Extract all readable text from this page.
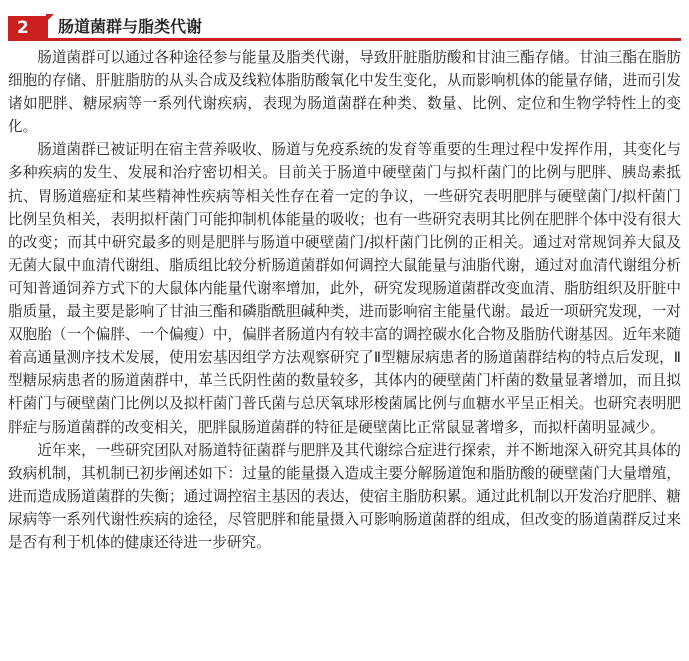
2	肠道菌群与脂类代谢

肠道菌群可以通过各种途径参与能量及脂类代谢，导致肝脏脂肪酸和甘油三酯存储。甘油三酯在脂肪细胞的存储、肝脏脂肪的从头合成及线粒体脂肪酸氧化中发生变化，从而影响机体的能量存储，进而引发诸如肥胖、糖尿病等一系列代谢疾病，表现为肠道菌群在种类、数量、比例、定位和生物学特性上的变化。

肠道菌群已被证明在宿主营养吸收、肠道与免疫系统的发育等重要的生理过程中发挥作用，其变化与多种疾病的发生、发展和治疗密切相关。目前关于肠道中硬壁菌门与拟杆菌门的比例与肥胖、胰岛素抵抗、胃肠道癌症和某些精神性疾病等相关性存在着一定的争议，一些研究表明肥胖与硬壁菌门/拟杆菌门比例呈负相关，表明拟杆菌门可能抑制机体能量的吸收；也有一些研究表明其比例在肥胖个体中没有很大的改变；而其中研究最多的则是肥胖与肠道中硬壁菌门/拟杆菌门比例的正相关。通过对常规饲养大鼠及无菌大鼠中血清代谢组、脂质组比较分析肠道菌群如何调控大鼠能量与油脂代谢，通过对血清代谢组分析可知普通饲养方式下的大鼠体内能量代谢率增加，此外，研究发现肠道菌群改变血清、脂肪组织及肝脏中脂质量，最主要是影响了甘油三酯和磷脂酰胆碱种类，进而影响宿主能量代谢。最近一项研究发现，一对双胞胎（一个偏胖、一个偏瘦）中，偏胖者肠道内有较丰富的调控碳水化合物及脂肪代谢基因。近年来随着高通量测序技术发展，使用宏基因组学方法观察研究了Ⅱ型糖尿病患者的肠道菌群结构的特点后发现，Ⅱ型糖尿病患者的肠道菌群中，革兰氏阴性菌的数量较多，其体内的硬壁菌门杆菌的数量显著增加，而且拟杆菌门与硬壁菌门比例以及拟杆菌门普氏菌与总厌氧球形梭菌属比例与血糖水平呈正相关。也研究表明肥胖症与肠道菌群的改变相关，肥胖鼠肠道菌群的特征是硬壁菌比正常鼠显著增多，而拟杆菌明显减少。

近年来，一些研究团队对肠道特征菌群与肥胖及其代谢综合症进行探索，并不断地深入研究其具体的致病机制，其机制已初步阐述如下：过量的能量摄入造成主要分解肠道饱和脂肪酸的硬壁菌门大量增殖，进而造成肠道菌群的失衡；通过调控宿主基因的表达，使宿主脂肪积累。通过此机制以开发治疗肥胖、糖尿病等一系列代谢性疾病的途径，尽管肥胖和能量摄入可影响肠道菌群的组成，但改变的肠道菌群反过来是否有利于机体的健康还待进一步研究。
